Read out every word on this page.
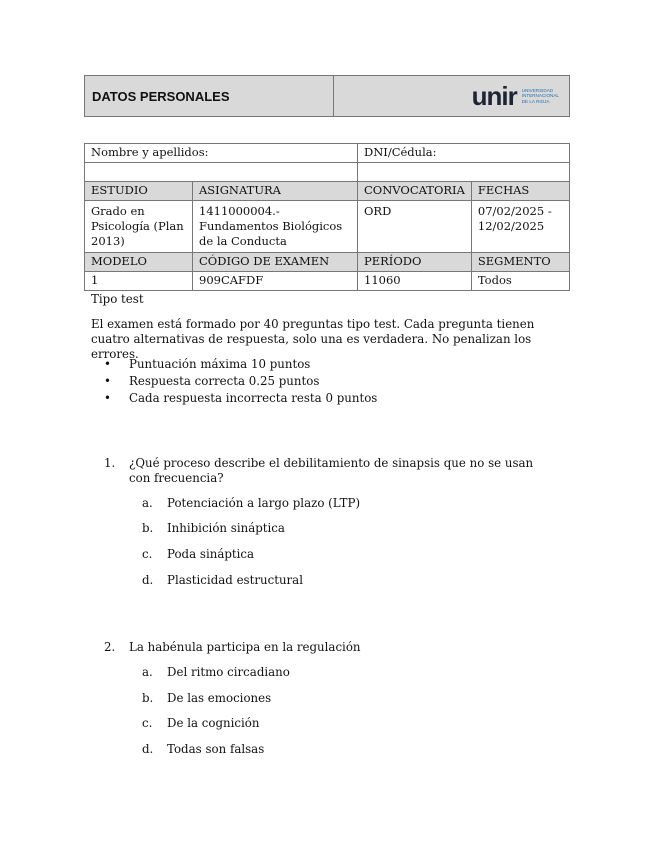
DATOS PERSONALES	unir UNIVERSIDAD
INTERNACIONAL
DE LA RIOJA
Nombre y apellidos:		DNI/Cédula:	

ESTUDIO	ASIGNATURA	CONVOCATORIA	FECHAS
Grado en Psicología (Plan 2013)	1411000004.- Fundamentos Biológicos de la Conducta	ORD	07/02/2025 - 12/02/2025
MODELO	CÓDIGO DE EXAMEN	PERÍODO	SEGMENTO
1	909CAFDF	11060	Todos
Tipo test
El examen está formado por 40 preguntas tipo test. Cada pregunta tienen cuatro alternativas de respuesta, solo una es verdadera. No penalizan los errores.
• Puntuación máxima 10 puntos
• Respuesta correcta 0.25 puntos
• Cada respuesta incorrecta resta 0 puntos
1. ¿Qué proceso describe el debilitamiento de sinapsis que no se usan con frecuencia?
a. Potenciación a largo plazo (LTP)
b. Inhibición sináptica
c. Poda sináptica
d. Plasticidad estructural
2. La habénula participa en la regulación
a. Del ritmo circadiano
b. De las emociones
c. De la cognición
d. Todas son falsas
